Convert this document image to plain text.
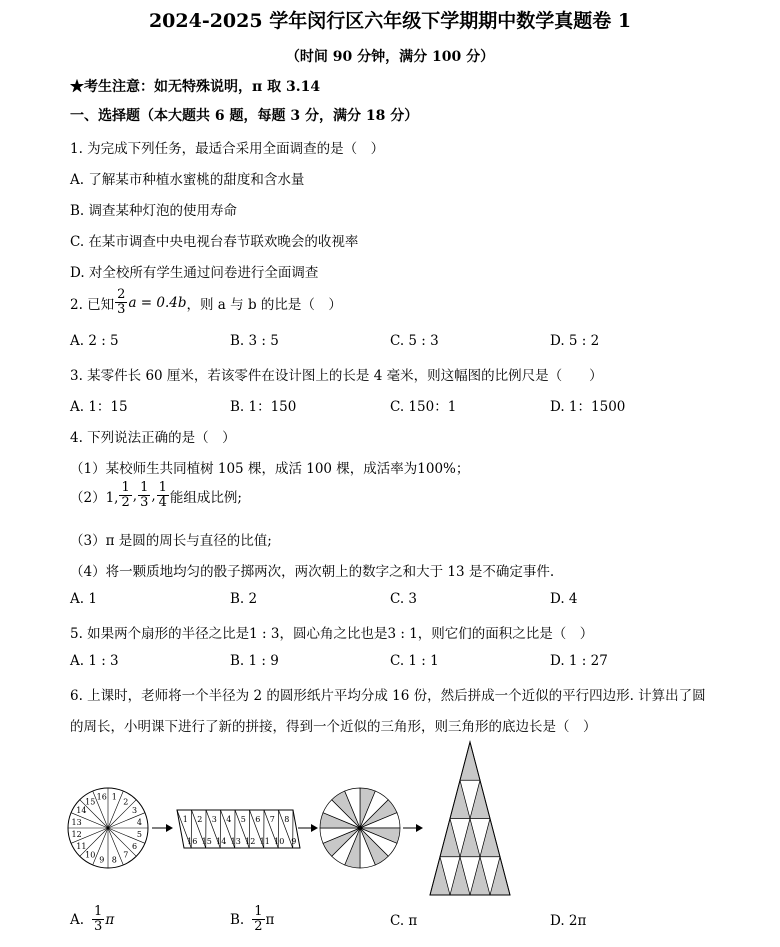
2024-2025 学年闵行区六年级下学期期中数学真题卷 1
（时间 90 分钟，满分 100 分）
★考生注意：如无特殊说明，π 取 3.14
一、选择题（本大题共 6 题，每题 3 分，满分 18 分）
1. 为完成下列任务，最适合采用全面调查的是（　）
A. 了解某市种植水蜜桃的甜度和含水量
B. 调查某种灯泡的使用寿命
C. 在某市调查中央电视台春节联欢晚会的收视率
D. 对全校所有学生通过问卷进行全面调查
2. 已知 $\frac{2}{3}$ a = 0.4b ，则 a 与 b 的比是（　）
A. 2 : 5	B. 3 : 5	C. 5 : 3	D. 5 : 2
3. 某零件长 60 厘米，若该零件在设计图上的长是 4 毫米，则这幅图的比例尺是（　　）
A. 1：15	B. 1：150	C. 150：1	D. 1：1500
4. 下列说法正确的是（　）
（1）某校师生共同植树 105 棵，成活 100 棵，成活率为100%；
（2）1, $\frac{1}{2}$ , $\frac{1}{3}$ , $\frac{1}{4}$ 能组成比例;
（3）π 是圆的周长与直径的比值;
（4）将一颗质地均匀的骰子掷两次，两次朝上的数字之和大于 13 是不确定事件.
A. 1	B. 2	C. 3	D. 4
5. 如果两个扇形的半径之比是1 : 3，圆心角之比也是3 : 1，则它们的面积之比是（　）
A. 1 : 3	B. 1 : 9	C. 1 : 1	D. 1 : 27
6. 上课时，老师将一个半径为 2 的圆形纸片平均分成 16 份，然后拼成一个近似的平行四边形. 计算出了圆
的周长，小明课下进行了新的拼接，得到一个近似的三角形，则三角形的底边长是（　）
1
2
3
4
5
6
7
8
9
10
11
12
13
14
15
16
1
16
2
15
3
14
4
13
5
12
6
11
7
10
8
9
A. $\frac{1}{3}$ π	B. $\frac{1}{2}$ π	C. π	D. 2π
